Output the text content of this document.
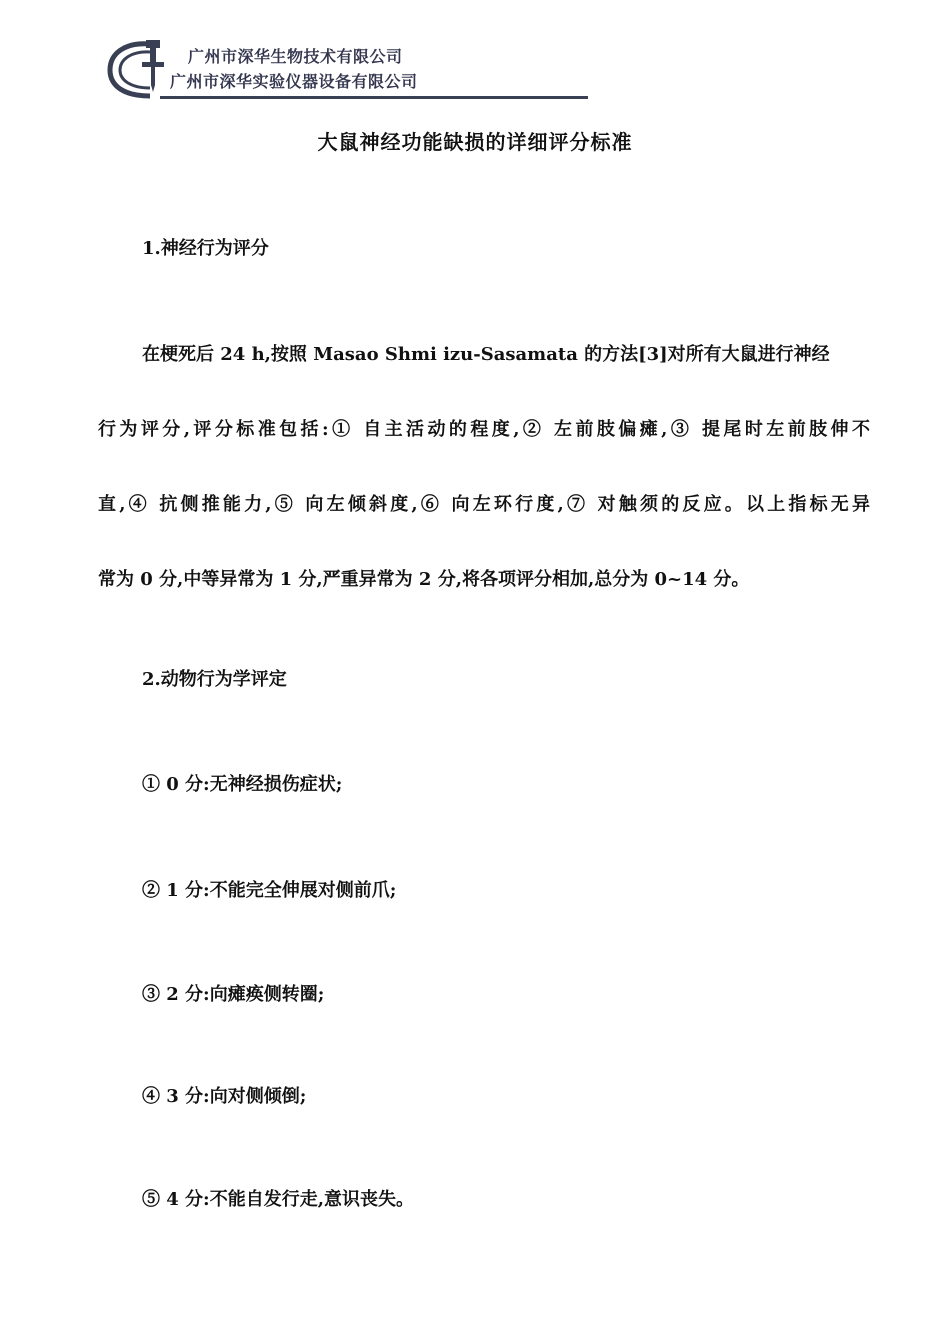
广州市深华生物技术有限公司
广州市深华实验仪器设备有限公司
大鼠神经功能缺损的详细评分标准
1.神经行为评分
在梗死后 24 h,按照 Masao Shmi izu-Sasamata 的方法[3]对所有大鼠进行神经
行为评分,评分标准包括:① 自主活动的程度,② 左前肢偏瘫,③ 提尾时左前肢伸不
直,④ 抗侧推能力,⑤ 向左倾斜度,⑥ 向左环行度,⑦ 对触须的反应。以上指标无异
常为 0 分,中等异常为 1 分,严重异常为 2 分,将各项评分相加,总分为 0~14 分。
2.动物行为学评定
① 0 分:无神经损伤症状;
② 1 分:不能完全伸展对侧前爪;
③ 2 分:向瘫痪侧转圈;
④ 3 分:向对侧倾倒;
⑤ 4 分:不能自发行走,意识丧失。
